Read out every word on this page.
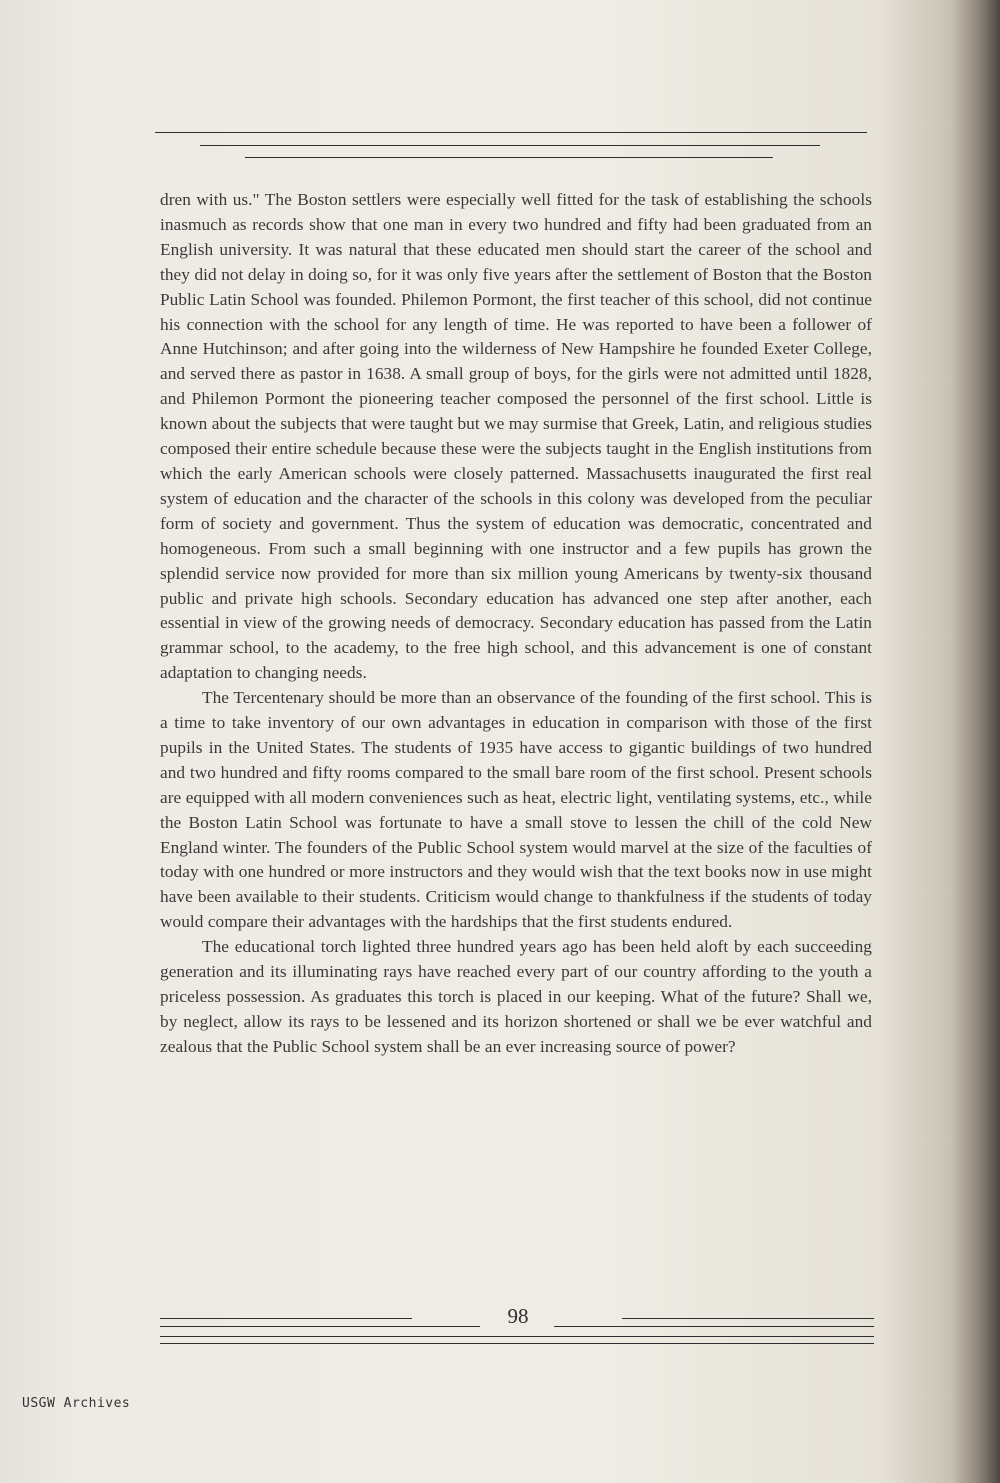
dren with us." The Boston settlers were especially well fitted for the task of establishing the schools inasmuch as records show that one man in every two hundred and fifty had been graduated from an English university. It was natural that these educated men should start the career of the school and they did not delay in doing so, for it was only five years after the settlement of Boston that the Boston Public Latin School was founded. Philemon Pormont, the first teacher of this school, did not continue his connection with the school for any length of time. He was reported to have been a follower of Anne Hutchinson; and after going into the wilderness of New Hampshire he founded Exeter College, and served there as pastor in 1638. A small group of boys, for the girls were not admitted until 1828, and Philemon Pormont the pioneering teacher composed the personnel of the first school. Little is known about the subjects that were taught but we may surmise that Greek, Latin, and religious studies composed their entire schedule because these were the subjects taught in the English institutions from which the early American schools were closely patterned. Massachusetts inaugurated the first real system of education and the character of the schools in this colony was developed from the peculiar form of society and government. Thus the system of education was democratic, concentrated and homogeneous. From such a small beginning with one instructor and a few pupils has grown the splendid service now provided for more than six million young Americans by twenty-six thousand public and private high schools. Secondary education has advanced one step after another, each essential in view of the growing needs of democracy. Secondary education has passed from the Latin grammar school, to the academy, to the free high school, and this advancement is one of constant adaptation to changing needs.

The Tercentenary should be more than an observance of the founding of the first school. This is a time to take inventory of our own advantages in education in comparison with those of the first pupils in the United States. The students of 1935 have access to gigantic buildings of two hundred and two hundred and fifty rooms compared to the small bare room of the first school. Present schools are equipped with all modern conveniences such as heat, electric light, ventilating systems, etc., while the Boston Latin School was fortunate to have a small stove to lessen the chill of the cold New England winter. The founders of the Public School system would marvel at the size of the faculties of today with one hundred or more instructors and they would wish that the text books now in use might have been available to their students. Criticism would change to thankfulness if the students of today would compare their advantages with the hardships that the first students endured.

The educational torch lighted three hundred years ago has been held aloft by each succeeding generation and its illuminating rays have reached every part of our country affording to the youth a priceless possession. As graduates this torch is placed in our keeping. What of the future? Shall we, by neglect, allow its rays to be lessened and its horizon shortened or shall we be ever watchful and zealous that the Public School system shall be an ever increasing source of power?

98
USGW Archives
